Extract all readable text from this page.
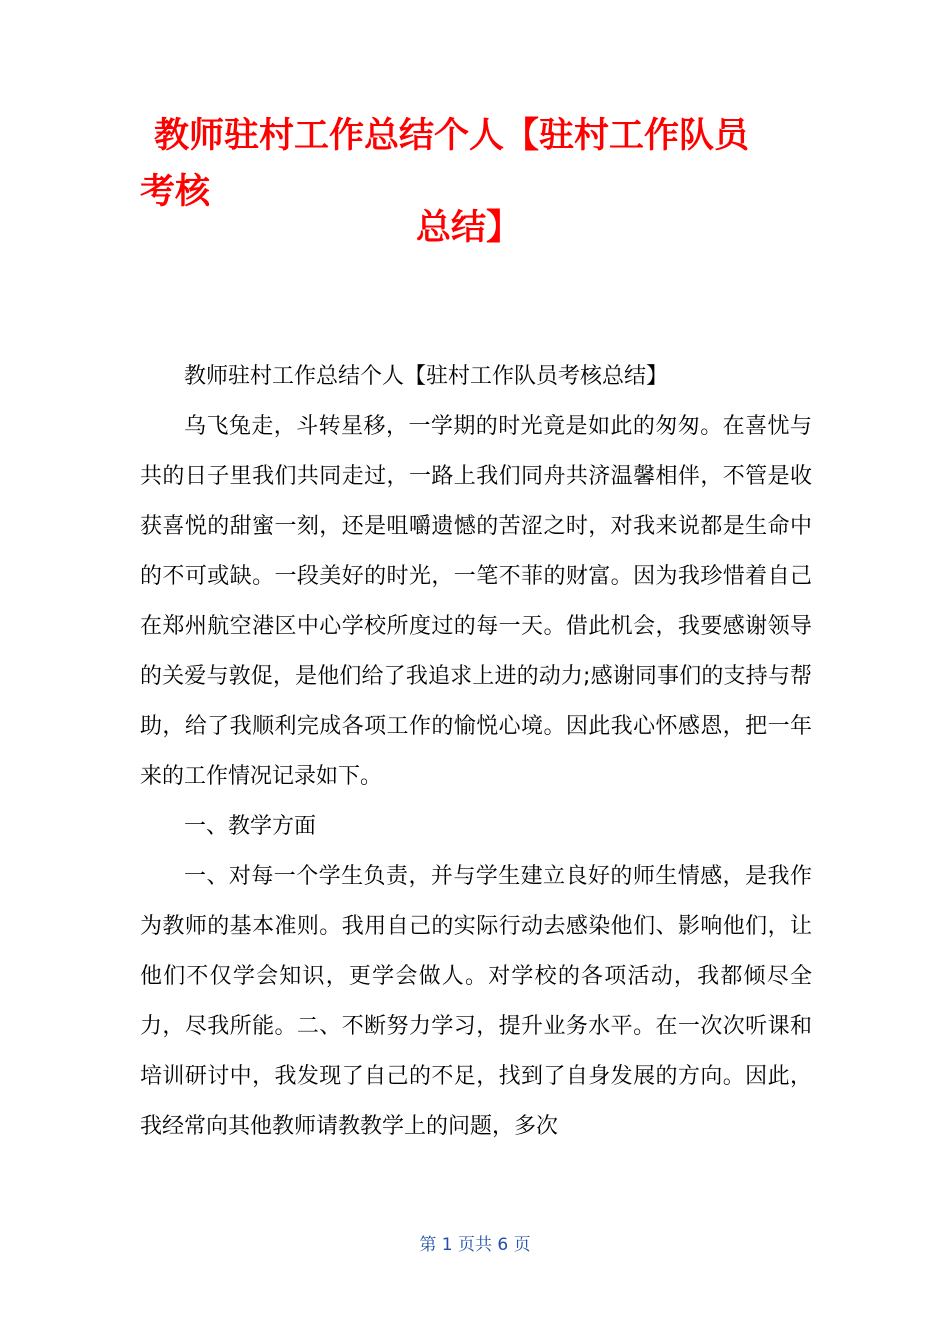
教师驻村工作总结个人【驻村工作队员
考核
总结】

教师驻村工作总结个人【驻村工作队员考核总结】

乌飞兔走，斗转星移，一学期的时光竟是如此的匆匆。在喜忧与共的日子里我们共同走过，一路上我们同舟共济温馨相伴，不管是收获喜悦的甜蜜一刻，还是咀嚼遗憾的苦涩之时，对我来说都是生命中的不可或缺。一段美好的时光，一笔不菲的财富。因为我珍惜着自己在郑州航空港区中心学校所度过的每一天。借此机会，我要感谢领导的关爱与敦促，是他们给了我追求上进的动力;感谢同事们的支持与帮助，给了我顺利完成各项工作的愉悦心境。因此我心怀感恩，把一年来的工作情况记录如下。

一、教学方面

一、对每一个学生负责，并与学生建立良好的师生情感，是我作为教师的基本准则。我用自己的实际行动去感染他们、影响他们，让他们不仅学会知识，更学会做人。对学校的各项活动，我都倾尽全力，尽我所能。二、不断努力学习，提升业务水平。在一次次听课和培训研讨中，我发现了自己的不足，找到了自身发展的方向。因此，我经常向其他教师请教教学上的问题，多次

第 1 页共 6 页
